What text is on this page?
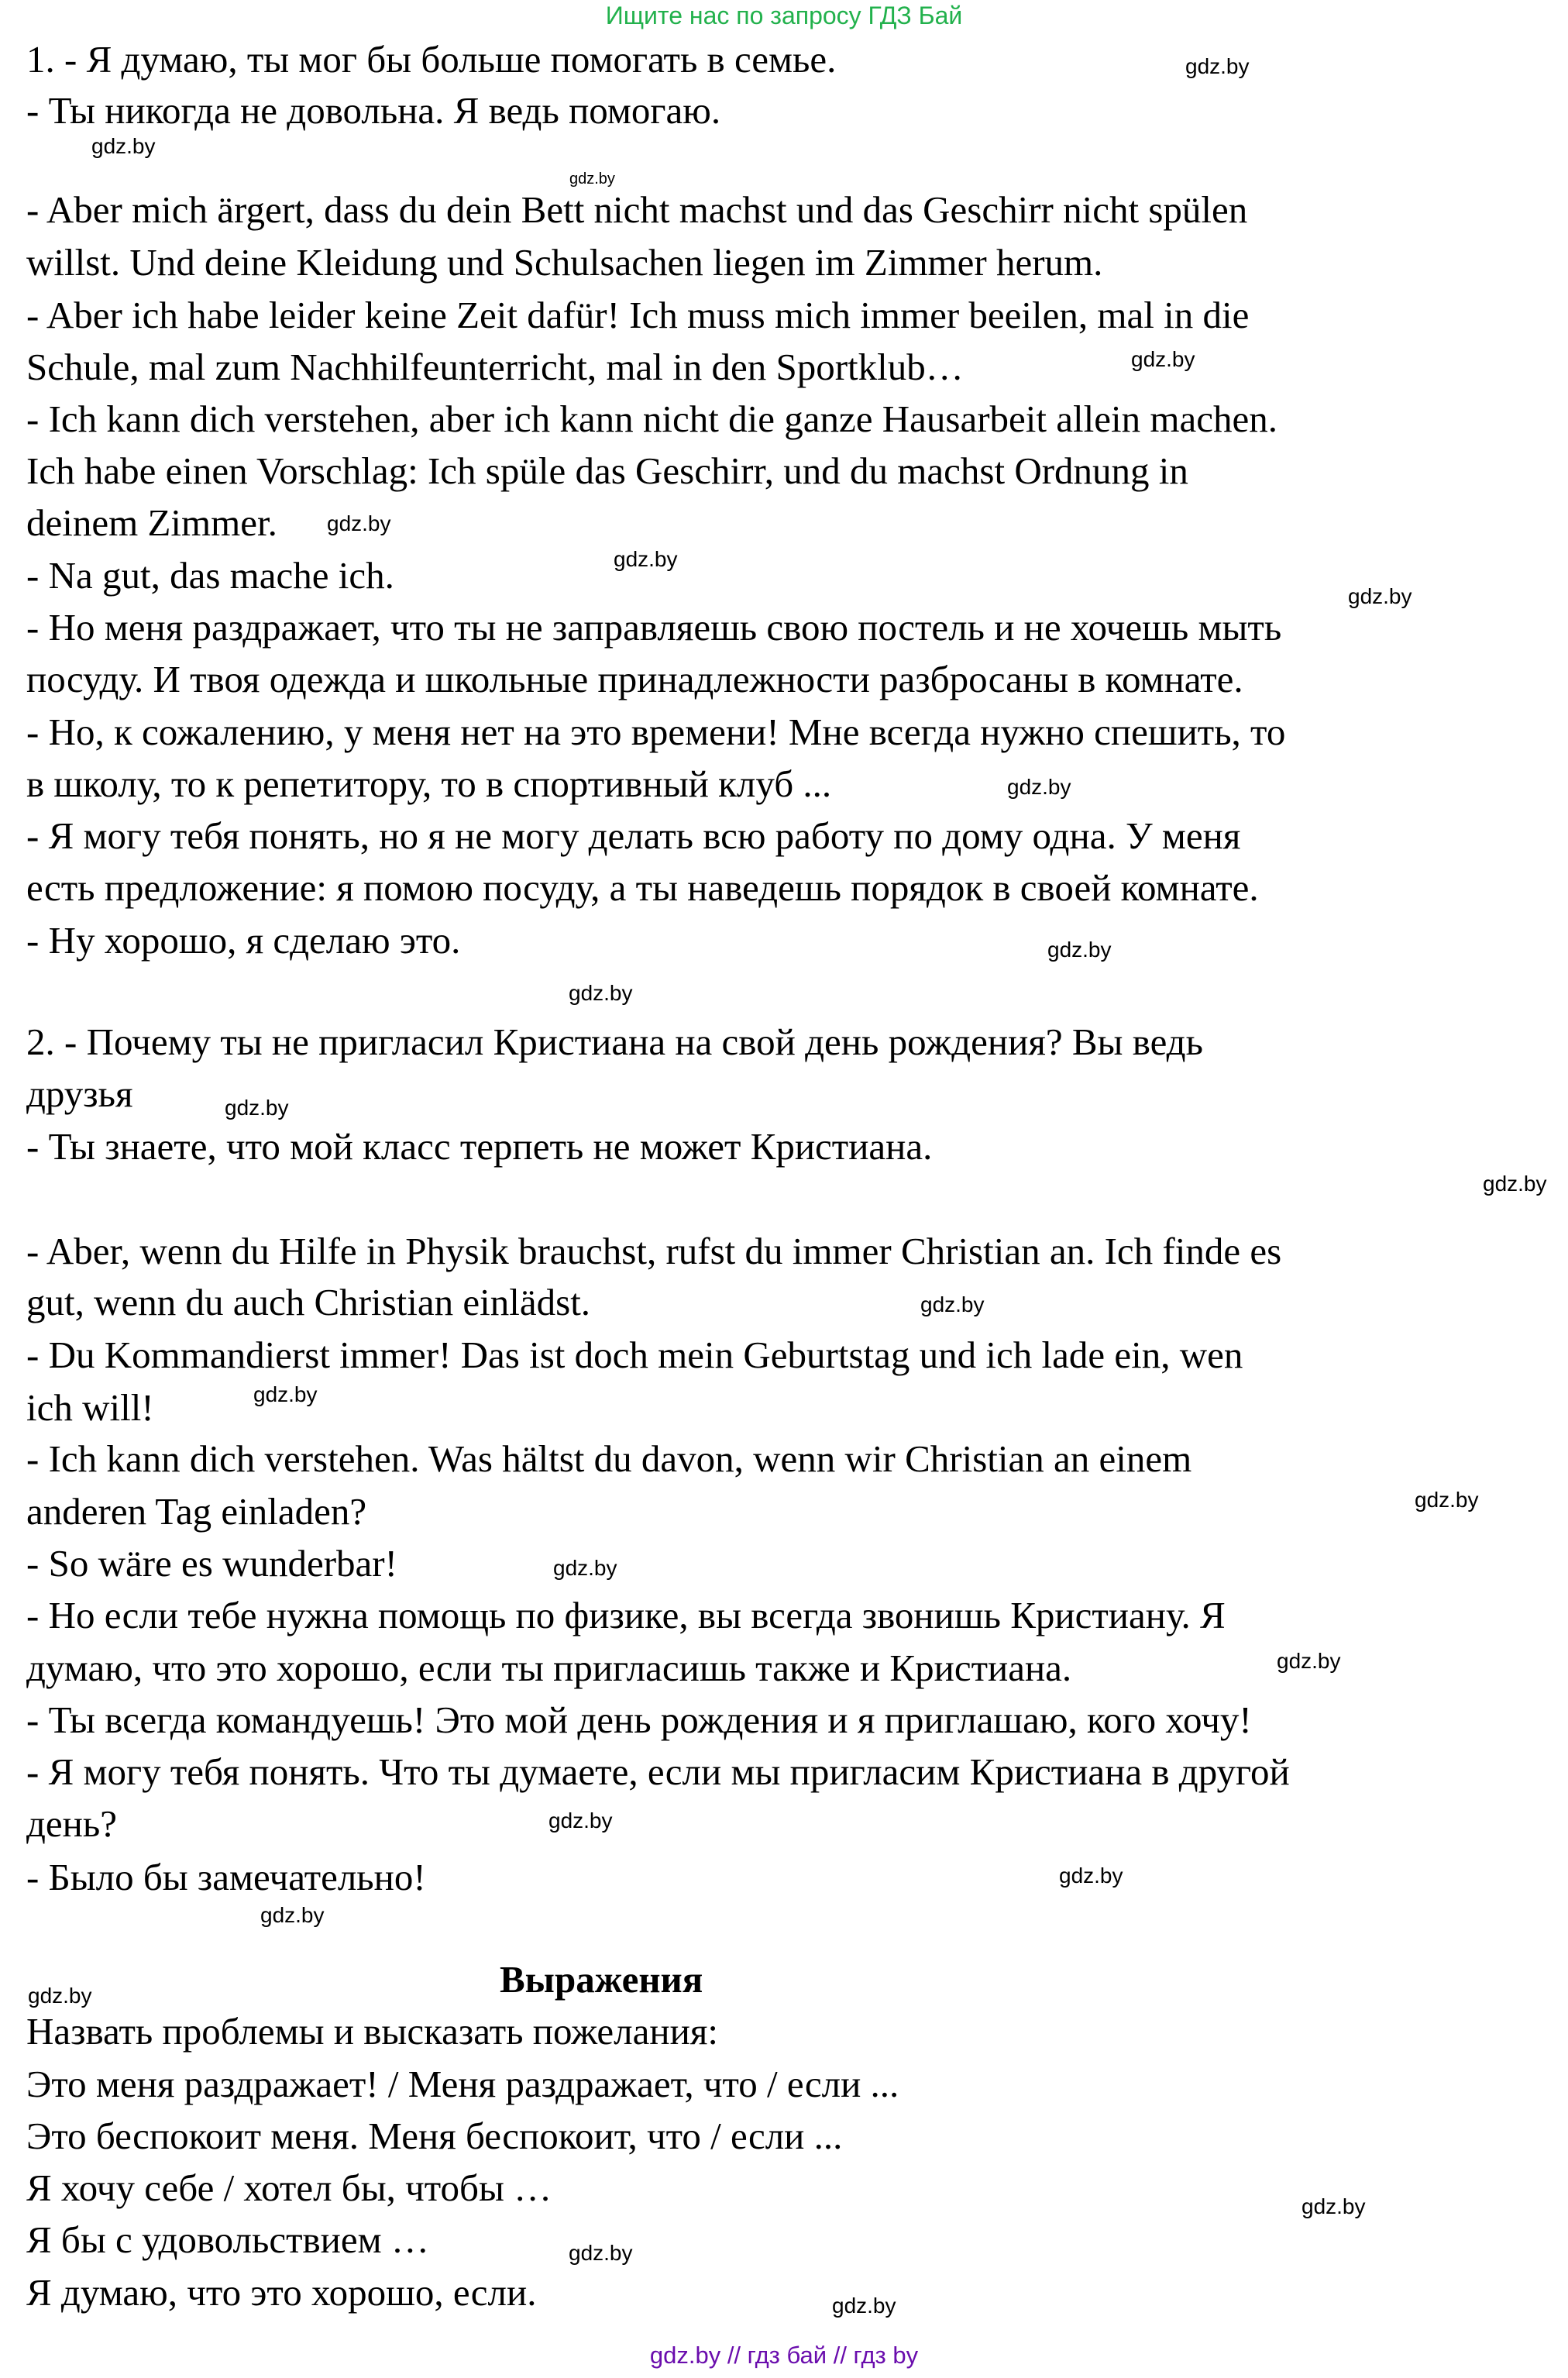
Ищите нас по запросу ГДЗ Бай
1. - Я думаю, ты мог бы больше помогать в семье.
- Ты никогда не довольна. Я ведь помогаю.
- Aber mich ärgert, dass du dein Bett nicht machst und das Geschirr nicht spülen
willst. Und deine Kleidung und Schulsachen liegen im Zimmer herum.
- Aber ich habe leider keine Zeit dafür! Ich muss mich immer beeilen, mal in die
Schule, mal zum Nachhilfeunterricht, mal in den Sportklub…
- Ich kann dich verstehen, aber ich kann nicht die ganze Hausarbeit allein machen.
Ich habe einen Vorschlag: Ich spüle das Geschirr, und du machst Ordnung in
deinem Zimmer.
- Na gut, das mache ich.
- Но меня раздражает, что ты не заправляешь свою постель и не хочешь мыть
посуду. И твоя одежда и школьные принадлежности разбросаны в комнате.
- Но, к сожалению, у меня нет на это времени! Мне всегда нужно спешить, то
в школу, то к репетитору, то в спортивный клуб ...
- Я могу тебя понять, но я не могу делать всю работу по дому одна. У меня
есть предложение: я помою посуду, а ты наведешь порядок в своей комнате.
- Ну хорошо, я сделаю это.
2. - Почему ты не пригласил Кристиана на свой день рождения? Вы ведь
друзья
- Ты знаете, что мой класс терпеть не может Кристиана.
- Aber, wenn du Hilfe in Physik brauchst, rufst du immer Christian an. Ich finde es
gut, wenn du auch Christian einlädst.
- Du Kommandierst immer! Das ist doch mein Geburtstag und ich lade ein, wen
ich will!
- Ich kann dich verstehen. Was hältst du davon, wenn wir Christian an einem
anderen Tag einladen?
- So wäre es wunderbar!
- Но если тебе нужна помощь по физике, вы всегда звонишь Кристиану. Я
думаю, что это хорошо, если ты пригласишь также и Кристиана.
- Ты всегда командуешь! Это мой день рождения и я приглашаю, кого хочу!
- Я могу тебя понять. Что ты думаете, если мы пригласим Кристиана в другой
день?
- Было бы замечательно!
Выражения
Назвать проблемы и высказать пожелания:
Это меня раздражает! / Меня раздражает, что / если ...
Это беспокоит меня. Меня беспокоит, что / если ...
Я хочу себе / хотел бы, чтобы …
Я бы с удовольствием …
Я думаю, что это хорошо, если.
gdz.by
gdz.by
gdz.by
gdz.by
gdz.by
gdz.by
gdz.by
gdz.by
gdz.by
gdz.by
gdz.by
gdz.by
gdz.by
gdz.by
gdz.by
gdz.by
gdz.by
gdz.by
gdz.by
gdz.by
gdz.by
gdz.by
gdz.by
gdz.by
gdz.by // гдз бай // гдз by
